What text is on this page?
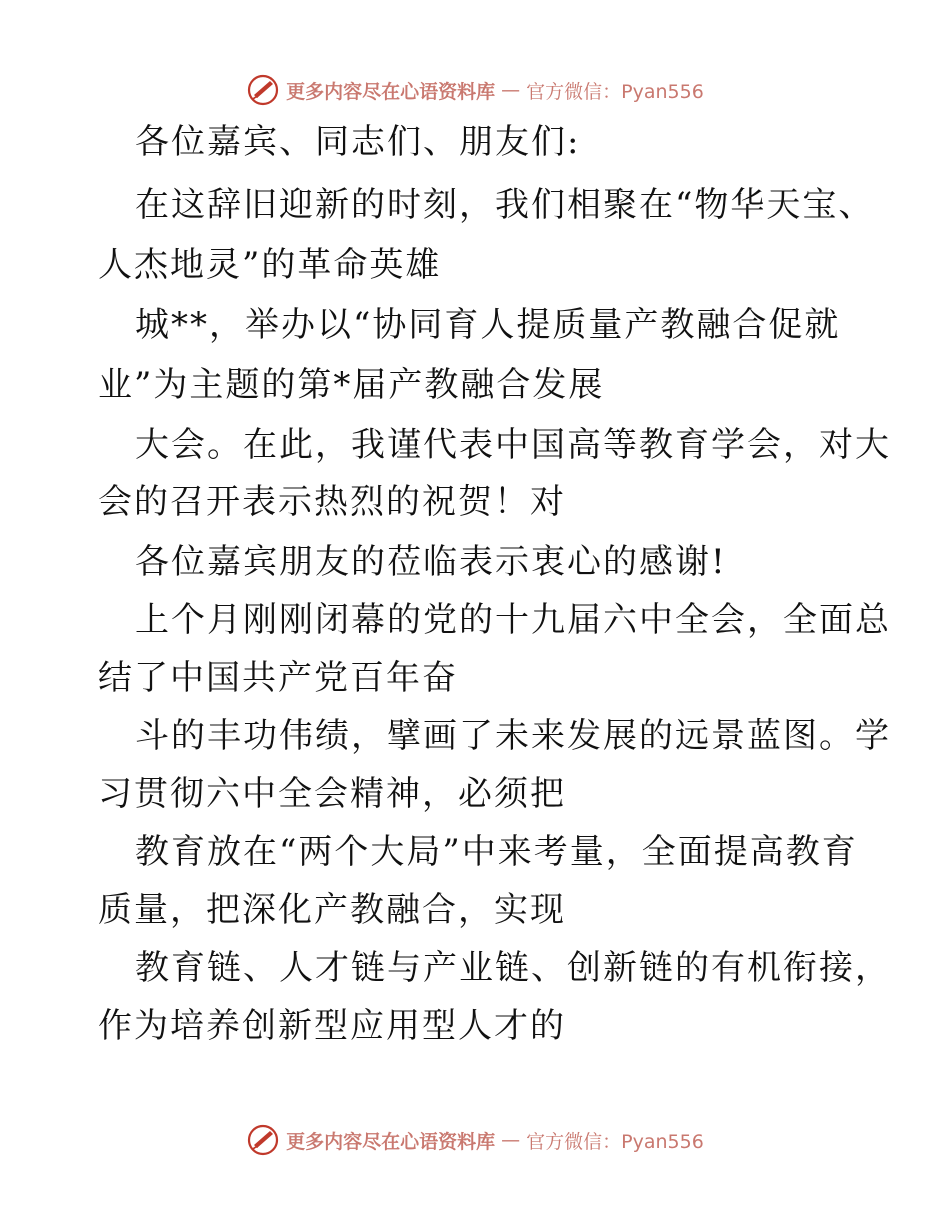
更多内容尽在心语资料库 — 官方微信：Pyan556
各位嘉宾、同志们、朋友们:
在这辞旧迎新的时刻，我们相聚在“物华天宝、
人杰地灵”的革命英雄
城**，举办以“协同育人提质量产教融合促就
业”为主题的第*届产教融合发展
大会。在此，我谨代表中国高等教育学会，对大
会的召开表示热烈的祝贺！对
各位嘉宾朋友的莅临表示衷心的感谢!
上个月刚刚闭幕的党的十九届六中全会，全面总
结了中国共产党百年奋
斗的丰功伟绩，擘画了未来发展的远景蓝图。学
习贯彻六中全会精神，必须把
教育放在“两个大局”中来考量，全面提高教育
质量，把深化产教融合，实现
教育链、人才链与产业链、创新链的有机衔接，
作为培养创新型应用型人才的
更多内容尽在心语资料库 — 官方微信：Pyan556
